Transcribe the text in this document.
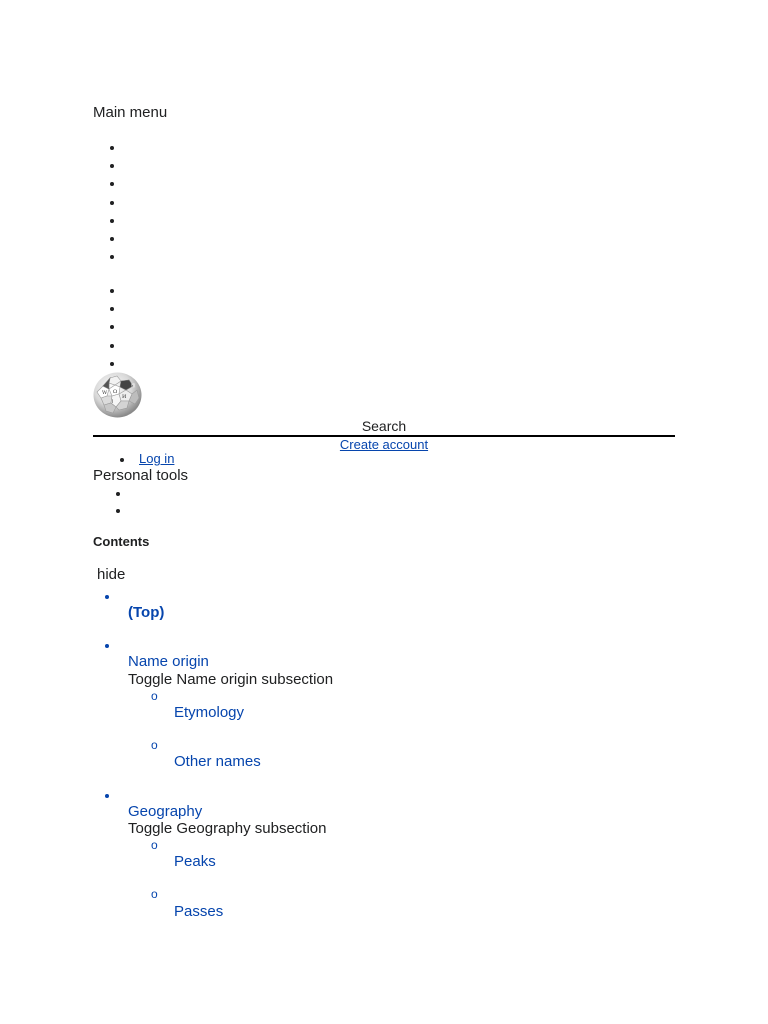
Main menu
W Ω
И
ا
维
Search
Create account
Log in
Personal tools
Contents
hide
(Top)
Name origin
Toggle Name origin subsection
o
Etymology
o
Other names
Geography
Toggle Geography subsection
o
Peaks
o
Passes
